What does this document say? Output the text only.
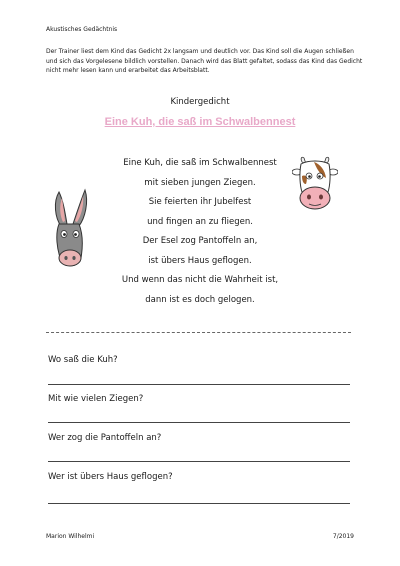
Akustisches Gedächtnis
Der Trainer liest dem Kind das Gedicht 2x langsam und deutlich vor. Das Kind soll die Augen schließen und sich das Vorgelesene bildlich vorstellen. Danach wird das Blatt gefaltet, sodass das Kind das Gedicht nicht mehr lesen kann und erarbeitet das Arbeitsblatt.
Kindergedicht
Eine Kuh, die saß im Schwalbennest
Eine Kuh, die saß im Schwalbennest
mit sieben jungen Ziegen.
Sie feierten ihr Jubelfest
und fingen an zu fliegen.
Der Esel zog Pantoffeln an,
ist übers Haus geflogen.
Und wenn das nicht die Wahrheit ist,
dann ist es doch gelogen.
Wo saß die Kuh?
Mit wie vielen Ziegen?
Wer zog die Pantoffeln an?
Wer ist übers Haus geflogen?
Marion Wilhelmi	7/2019
